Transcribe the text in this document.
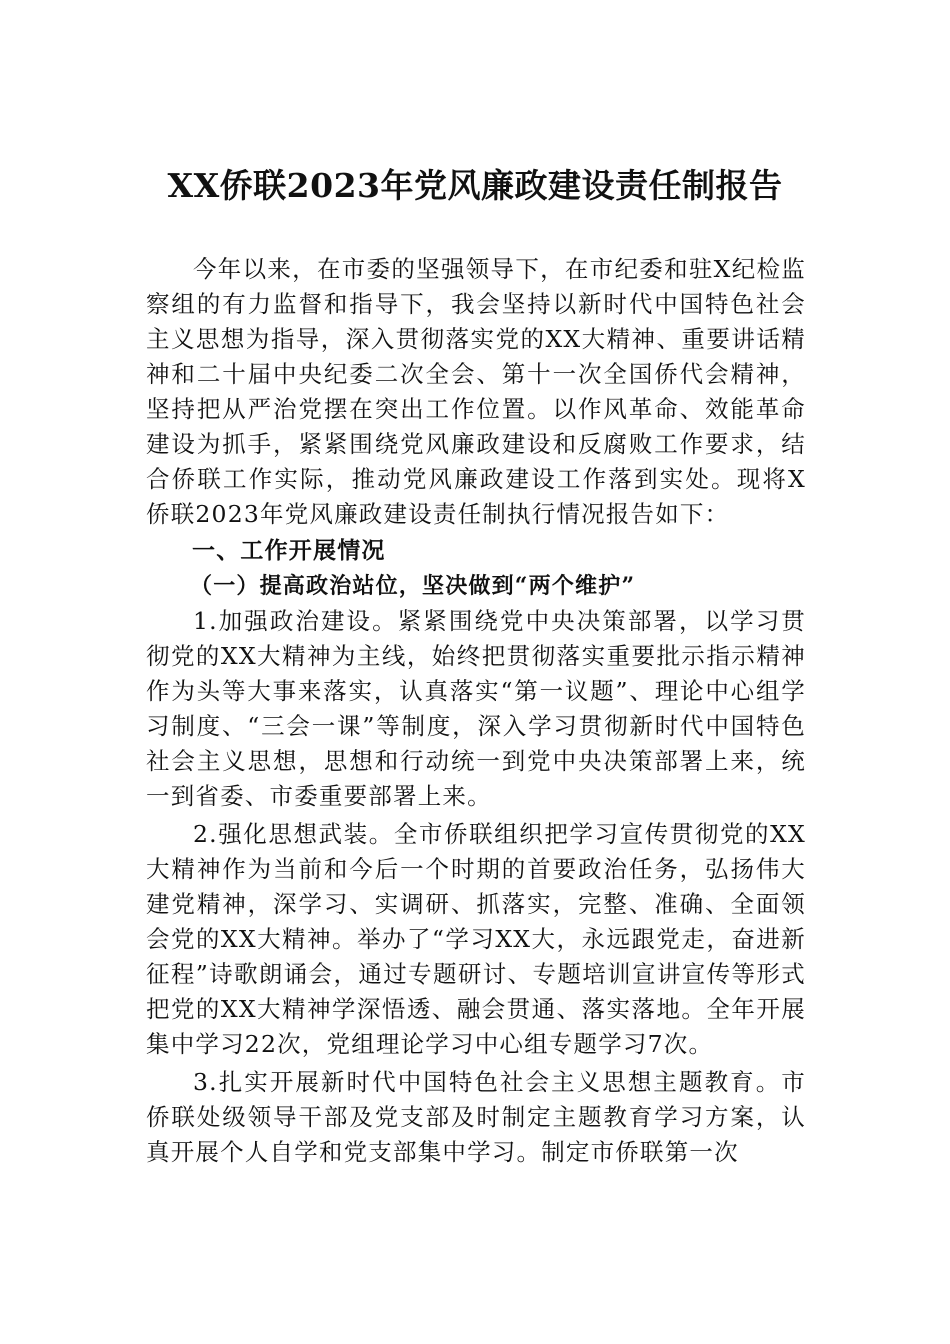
XX侨联2023年党风廉政建设责任制报告

今年以来，在市委的坚强领导下，在市纪委和驻X纪检监察组的有力监督和指导下，我会坚持以新时代中国特色社会主义思想为指导，深入贯彻落实党的XX大精神、重要讲话精神和二十届中央纪委二次全会、第十一次全国侨代会精神，坚持把从严治党摆在突出工作位置。以作风革命、效能革命建设为抓手，紧紧围绕党风廉政建设和反腐败工作要求，结合侨联工作实际，推动党风廉政建设工作落到实处。现将X侨联2023年党风廉政建设责任制执行情况报告如下：

一、工作开展情况

（一）提高政治站位，坚决做到“两个维护”

1.加强政治建设。紧紧围绕党中央决策部署，以学习贯彻党的XX大精神为主线，始终把贯彻落实重要批示指示精神作为头等大事来落实，认真落实“第一议题”、理论中心组学习制度、“三会一课”等制度，深入学习贯彻新时代中国特色社会主义思想，思想和行动统一到党中央决策部署上来，统一到省委、市委重要部署上来。

2.强化思想武装。全市侨联组织把学习宣传贯彻党的XX大精神作为当前和今后一个时期的首要政治任务，弘扬伟大建党精神，深学习、实调研、抓落实，完整、准确、全面领会党的XX大精神。举办了“学习XX大，永远跟党走，奋进新征程”诗歌朗诵会，通过专题研讨、专题培训宣讲宣传等形式把党的XX大精神学深悟透、融会贯通、落实落地。全年开展集中学习22次，党组理论学习中心组专题学习7次。

3.扎实开展新时代中国特色社会主义思想主题教育。市侨联处级领导干部及党支部及时制定主题教育学习方案，认真开展个人自学和党支部集中学习。制定市侨联第一次
